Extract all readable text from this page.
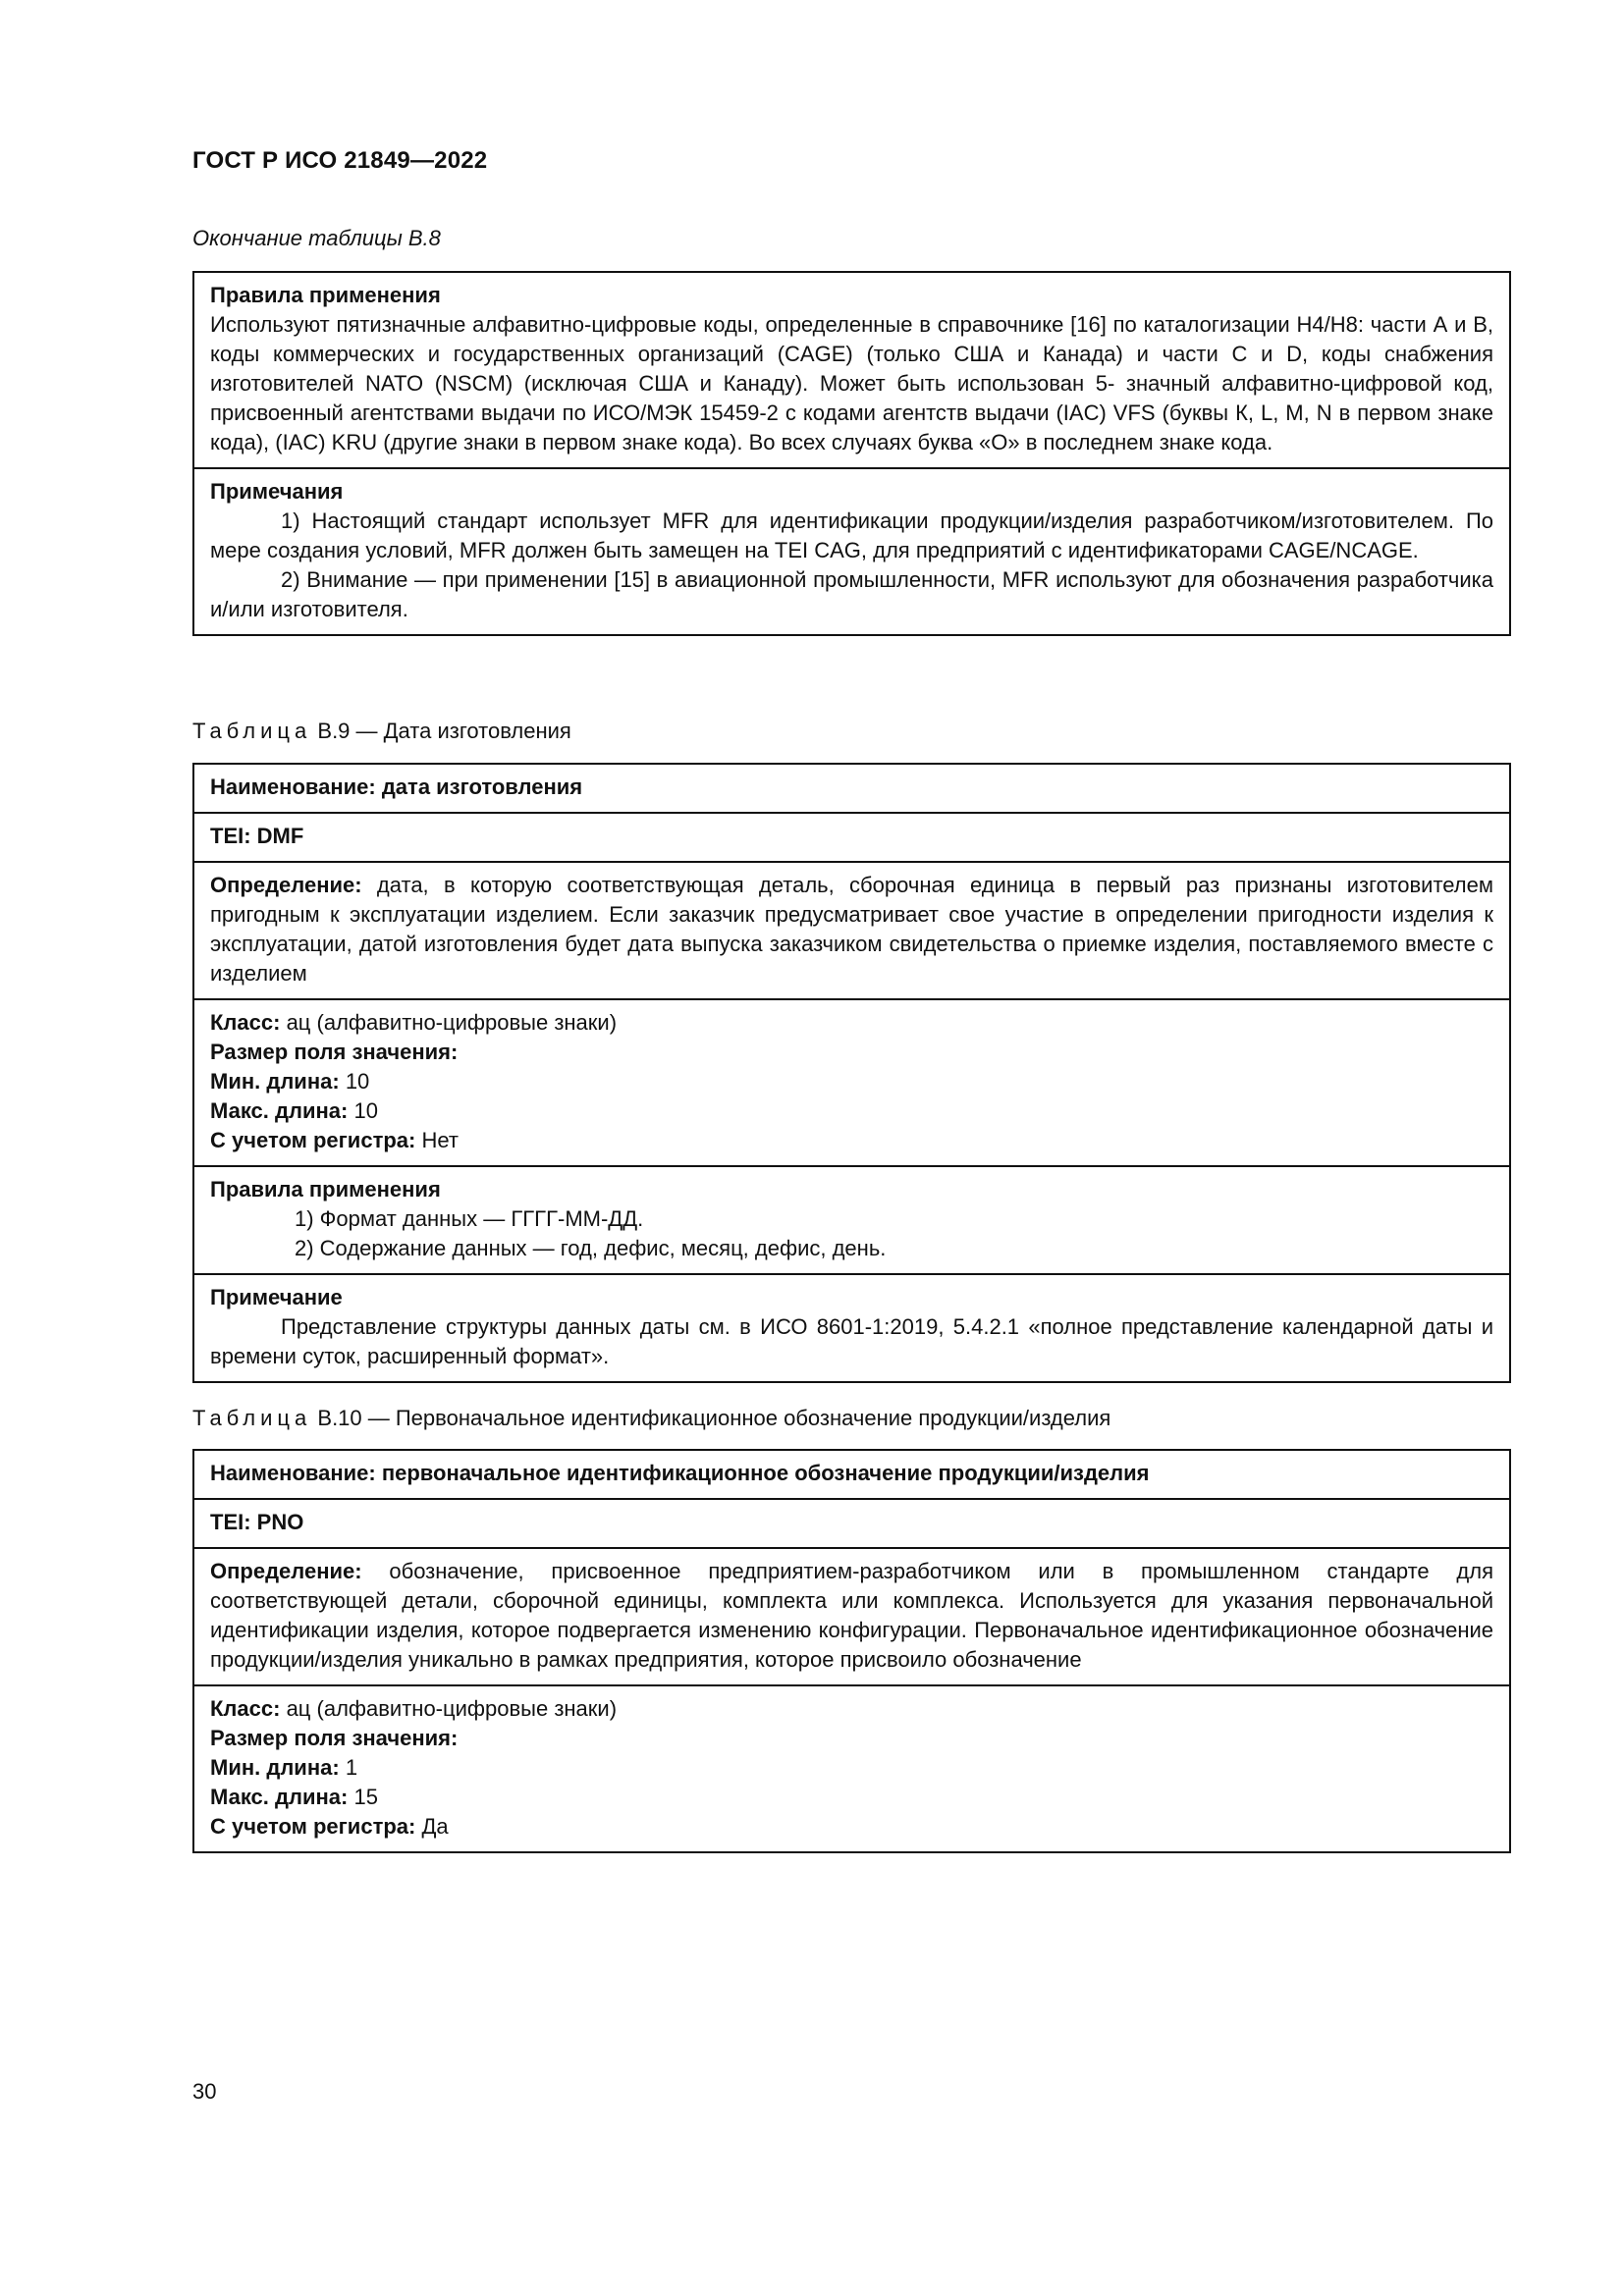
ГОСТ Р ИСО 21849—2022
Окончание таблицы B.8
Правила применения
Используют пятизначные алфавитно-цифровые коды, определенные в справочнике [16] по каталогизации H4/H8: части А и В, коды коммерческих и государственных организаций (CAGE) (только США и Канада) и части С и D, коды снабжения изготовителей NATO (NSCM) (исключая США и Канаду). Может быть использован 5- значный алфавитно-цифровой код, присвоенный агентствами выдачи по ИСО/МЭК 15459-2 с кодами агентств выдачи (IAC) VFS (буквы К, L, М, N в первом знаке кода), (IAC) KRU (другие знаки в первом знаке кода). Во всех случаях буква «О» в последнем знаке кода.
Примечания
1) Настоящий стандарт использует MFR для идентификации продукции/изделия разработчиком/изготовителем. По мере создания условий, MFR должен быть замещен на TEI CAG, для предприятий с идентификаторами CAGE/NCAGE.
2) Внимание — при применении [15] в авиационной промышленности, MFR используют для обозначения разработчика и/или изготовителя.
Таблица B.9 — Дата изготовления
Наименование: дата изготовления
TEI: DMF
Определение: дата, в которую соответствующая деталь, сборочная единица в первый раз признаны изготовителем пригодным к эксплуатации изделием. Если заказчик предусматривает свое участие в определении пригодности изделия к эксплуатации, датой изготовления будет дата выпуска заказчиком свидетельства о приемке изделия, поставляемого вместе с изделием
Класс: ац (алфавитно-цифровые знаки)
Размер поля значения:
Мин. длина: 10
Макс. длина: 10
С учетом регистра: Нет
Правила применения
1) Формат данных — ГГГГ-ММ-ДД.
2) Содержание данных — год, дефис, месяц, дефис, день.
Примечание
Представление структуры данных даты см. в ИСО 8601-1:2019, 5.4.2.1 «полное представление календарной даты и времени суток, расширенный формат».
Таблица B.10 — Первоначальное идентификационное обозначение продукции/изделия
Наименование: первоначальное идентификационное обозначение продукции/изделия
TEI: PNO
Определение: обозначение, присвоенное предприятием-разработчиком или в промышленном стандарте для соответствующей детали, сборочной единицы, комплекта или комплекса. Используется для указания первоначальной идентификации изделия, которое подвергается изменению конфигурации. Первоначальное идентификационное обозначение продукции/изделия уникально в рамках предприятия, которое присвоило обозначение
Класс: ац (алфавитно-цифровые знаки)
Размер поля значения:
Мин. длина: 1
Макс. длина: 15
С учетом регистра: Да
30
